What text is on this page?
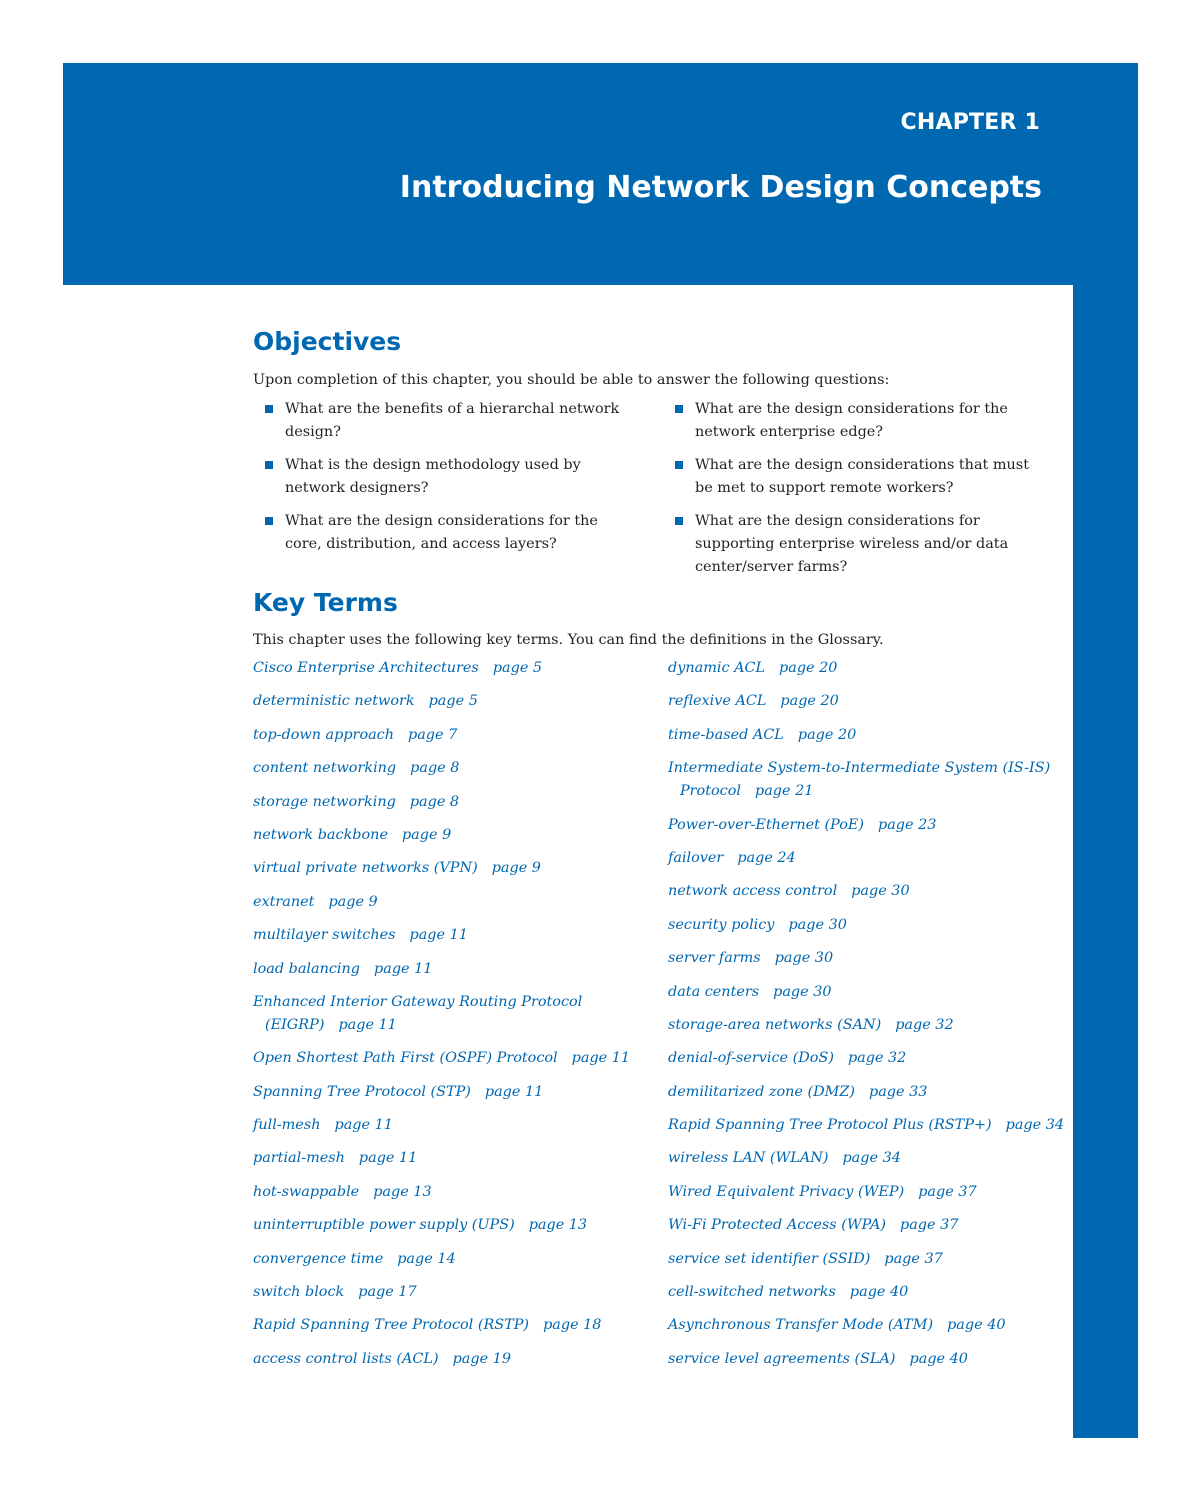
CHAPTER 1
Introducing Network Design Concepts
Objectives
Upon completion of this chapter, you should be able to answer the following questions:
What are the benefits of a hierarchal network design?
What is the design methodology used by network designers?
What are the design considerations for the core, distribution, and access layers?
What are the design considerations for the network enterprise edge?
What are the design considerations that must be met to support remote workers?
What are the design considerations for supporting enterprise wireless and/or data center/server farms?
Key Terms
This chapter uses the following key terms. You can find the definitions in the Glossary.
Cisco Enterprise Architectures page 5
deterministic network page 5
top-down approach page 7
content networking page 8
storage networking page 8
network backbone page 9
virtual private networks (VPN) page 9
extranet page 9
multilayer switches page 11
load balancing page 11
Enhanced Interior Gateway Routing Protocol
(EIGRP) page 11
Open Shortest Path First (OSPF) Protocol page 11
Spanning Tree Protocol (STP) page 11
full-mesh page 11
partial-mesh page 11
hot-swappable page 13
uninterruptible power supply (UPS) page 13
convergence time page 14
switch block page 17
Rapid Spanning Tree Protocol (RSTP) page 18
access control lists (ACL) page 19
dynamic ACL page 20
reflexive ACL page 20
time-based ACL page 20
Intermediate System-to-Intermediate System (IS-IS)
Protocol page 21
Power-over-Ethernet (PoE) page 23
failover page 24
network access control page 30
security policy page 30
server farms page 30
data centers page 30
storage-area networks (SAN) page 32
denial-of-service (DoS) page 32
demilitarized zone (DMZ) page 33
Rapid Spanning Tree Protocol Plus (RSTP+) page 34
wireless LAN (WLAN) page 34
Wired Equivalent Privacy (WEP) page 37
Wi-Fi Protected Access (WPA) page 37
service set identifier (SSID) page 37
cell-switched networks page 40
Asynchronous Transfer Mode (ATM) page 40
service level agreements (SLA) page 40
